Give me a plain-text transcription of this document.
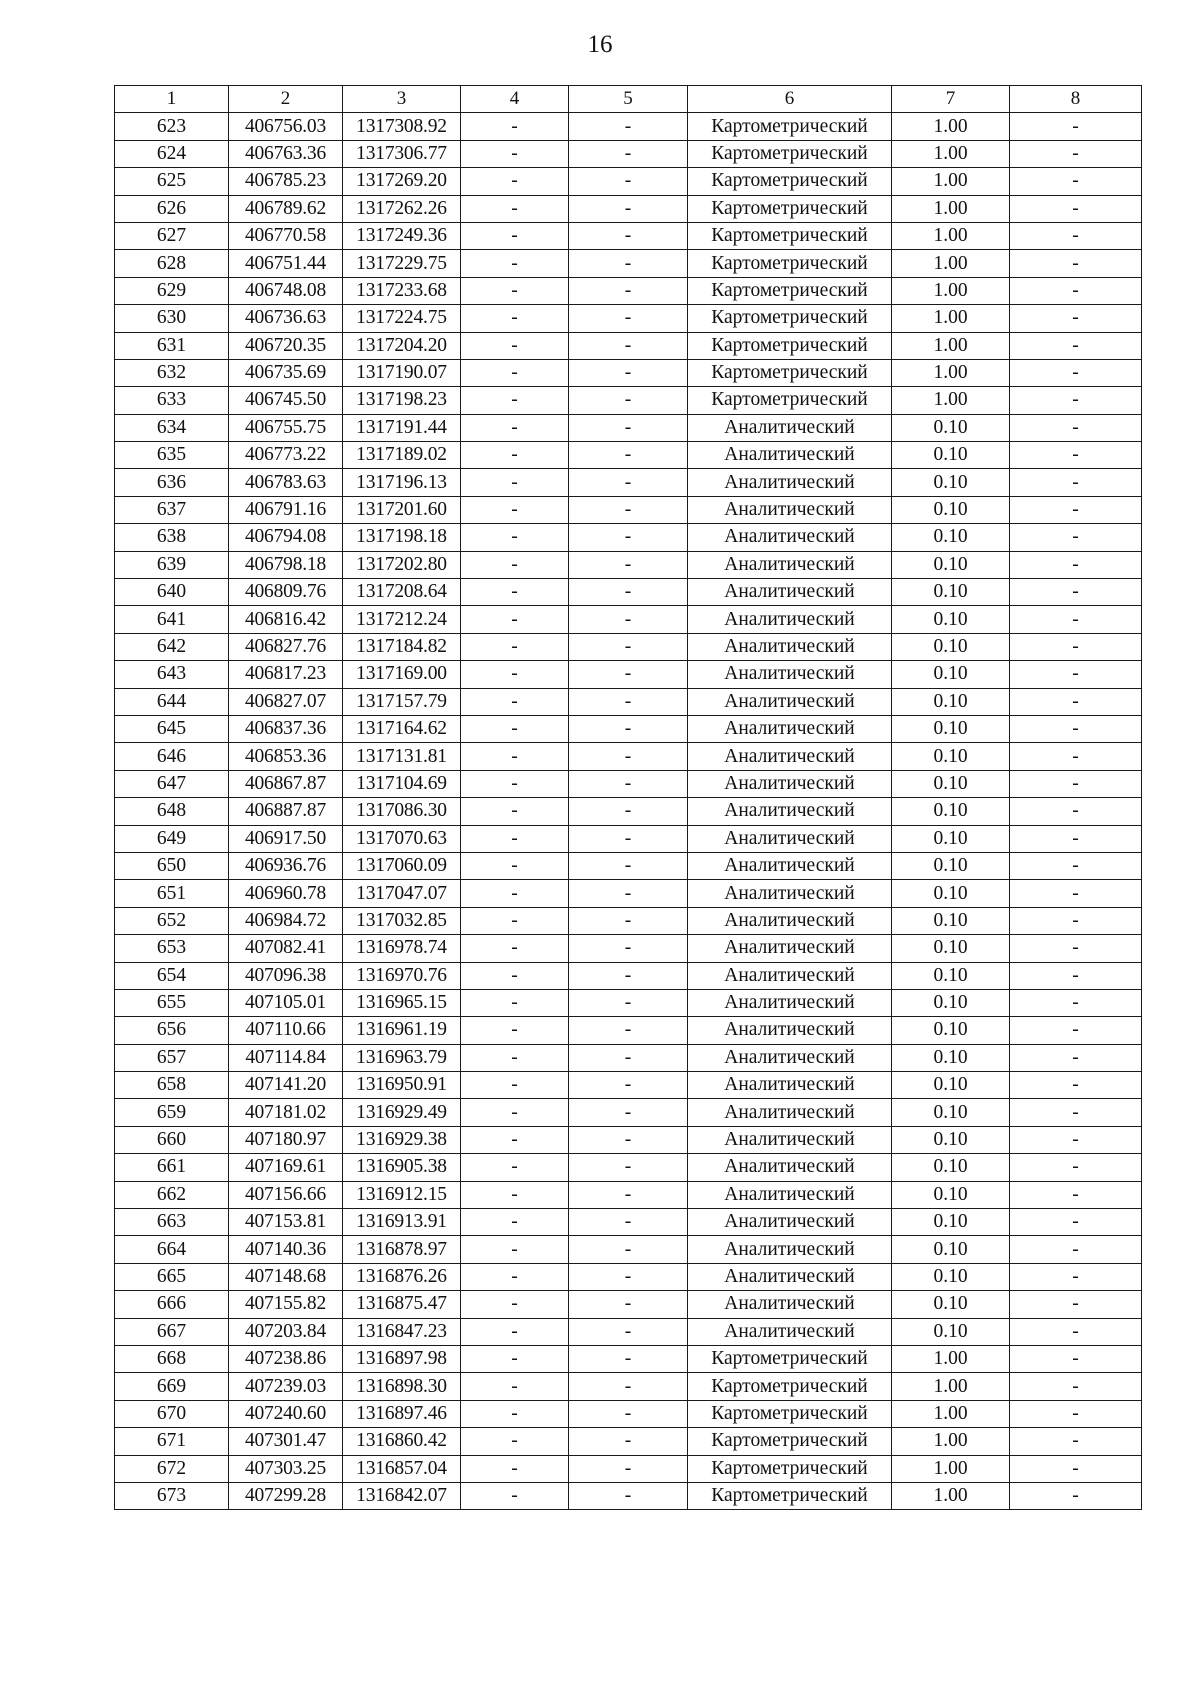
16
1	2	3	4	5	6	7	8
623	406756.03	1317308.92	-	-	Картометрический	1.00	-
624	406763.36	1317306.77	-	-	Картометрический	1.00	-
625	406785.23	1317269.20	-	-	Картометрический	1.00	-
626	406789.62	1317262.26	-	-	Картометрический	1.00	-
627	406770.58	1317249.36	-	-	Картометрический	1.00	-
628	406751.44	1317229.75	-	-	Картометрический	1.00	-
629	406748.08	1317233.68	-	-	Картометрический	1.00	-
630	406736.63	1317224.75	-	-	Картометрический	1.00	-
631	406720.35	1317204.20	-	-	Картометрический	1.00	-
632	406735.69	1317190.07	-	-	Картометрический	1.00	-
633	406745.50	1317198.23	-	-	Картометрический	1.00	-
634	406755.75	1317191.44	-	-	Аналитический	0.10	-
635	406773.22	1317189.02	-	-	Аналитический	0.10	-
636	406783.63	1317196.13	-	-	Аналитический	0.10	-
637	406791.16	1317201.60	-	-	Аналитический	0.10	-
638	406794.08	1317198.18	-	-	Аналитический	0.10	-
639	406798.18	1317202.80	-	-	Аналитический	0.10	-
640	406809.76	1317208.64	-	-	Аналитический	0.10	-
641	406816.42	1317212.24	-	-	Аналитический	0.10	-
642	406827.76	1317184.82	-	-	Аналитический	0.10	-
643	406817.23	1317169.00	-	-	Аналитический	0.10	-
644	406827.07	1317157.79	-	-	Аналитический	0.10	-
645	406837.36	1317164.62	-	-	Аналитический	0.10	-
646	406853.36	1317131.81	-	-	Аналитический	0.10	-
647	406867.87	1317104.69	-	-	Аналитический	0.10	-
648	406887.87	1317086.30	-	-	Аналитический	0.10	-
649	406917.50	1317070.63	-	-	Аналитический	0.10	-
650	406936.76	1317060.09	-	-	Аналитический	0.10	-
651	406960.78	1317047.07	-	-	Аналитический	0.10	-
652	406984.72	1317032.85	-	-	Аналитический	0.10	-
653	407082.41	1316978.74	-	-	Аналитический	0.10	-
654	407096.38	1316970.76	-	-	Аналитический	0.10	-
655	407105.01	1316965.15	-	-	Аналитический	0.10	-
656	407110.66	1316961.19	-	-	Аналитический	0.10	-
657	407114.84	1316963.79	-	-	Аналитический	0.10	-
658	407141.20	1316950.91	-	-	Аналитический	0.10	-
659	407181.02	1316929.49	-	-	Аналитический	0.10	-
660	407180.97	1316929.38	-	-	Аналитический	0.10	-
661	407169.61	1316905.38	-	-	Аналитический	0.10	-
662	407156.66	1316912.15	-	-	Аналитический	0.10	-
663	407153.81	1316913.91	-	-	Аналитический	0.10	-
664	407140.36	1316878.97	-	-	Аналитический	0.10	-
665	407148.68	1316876.26	-	-	Аналитический	0.10	-
666	407155.82	1316875.47	-	-	Аналитический	0.10	-
667	407203.84	1316847.23	-	-	Аналитический	0.10	-
668	407238.86	1316897.98	-	-	Картометрический	1.00	-
669	407239.03	1316898.30	-	-	Картометрический	1.00	-
670	407240.60	1316897.46	-	-	Картометрический	1.00	-
671	407301.47	1316860.42	-	-	Картометрический	1.00	-
672	407303.25	1316857.04	-	-	Картометрический	1.00	-
673	407299.28	1316842.07	-	-	Картометрический	1.00	-
